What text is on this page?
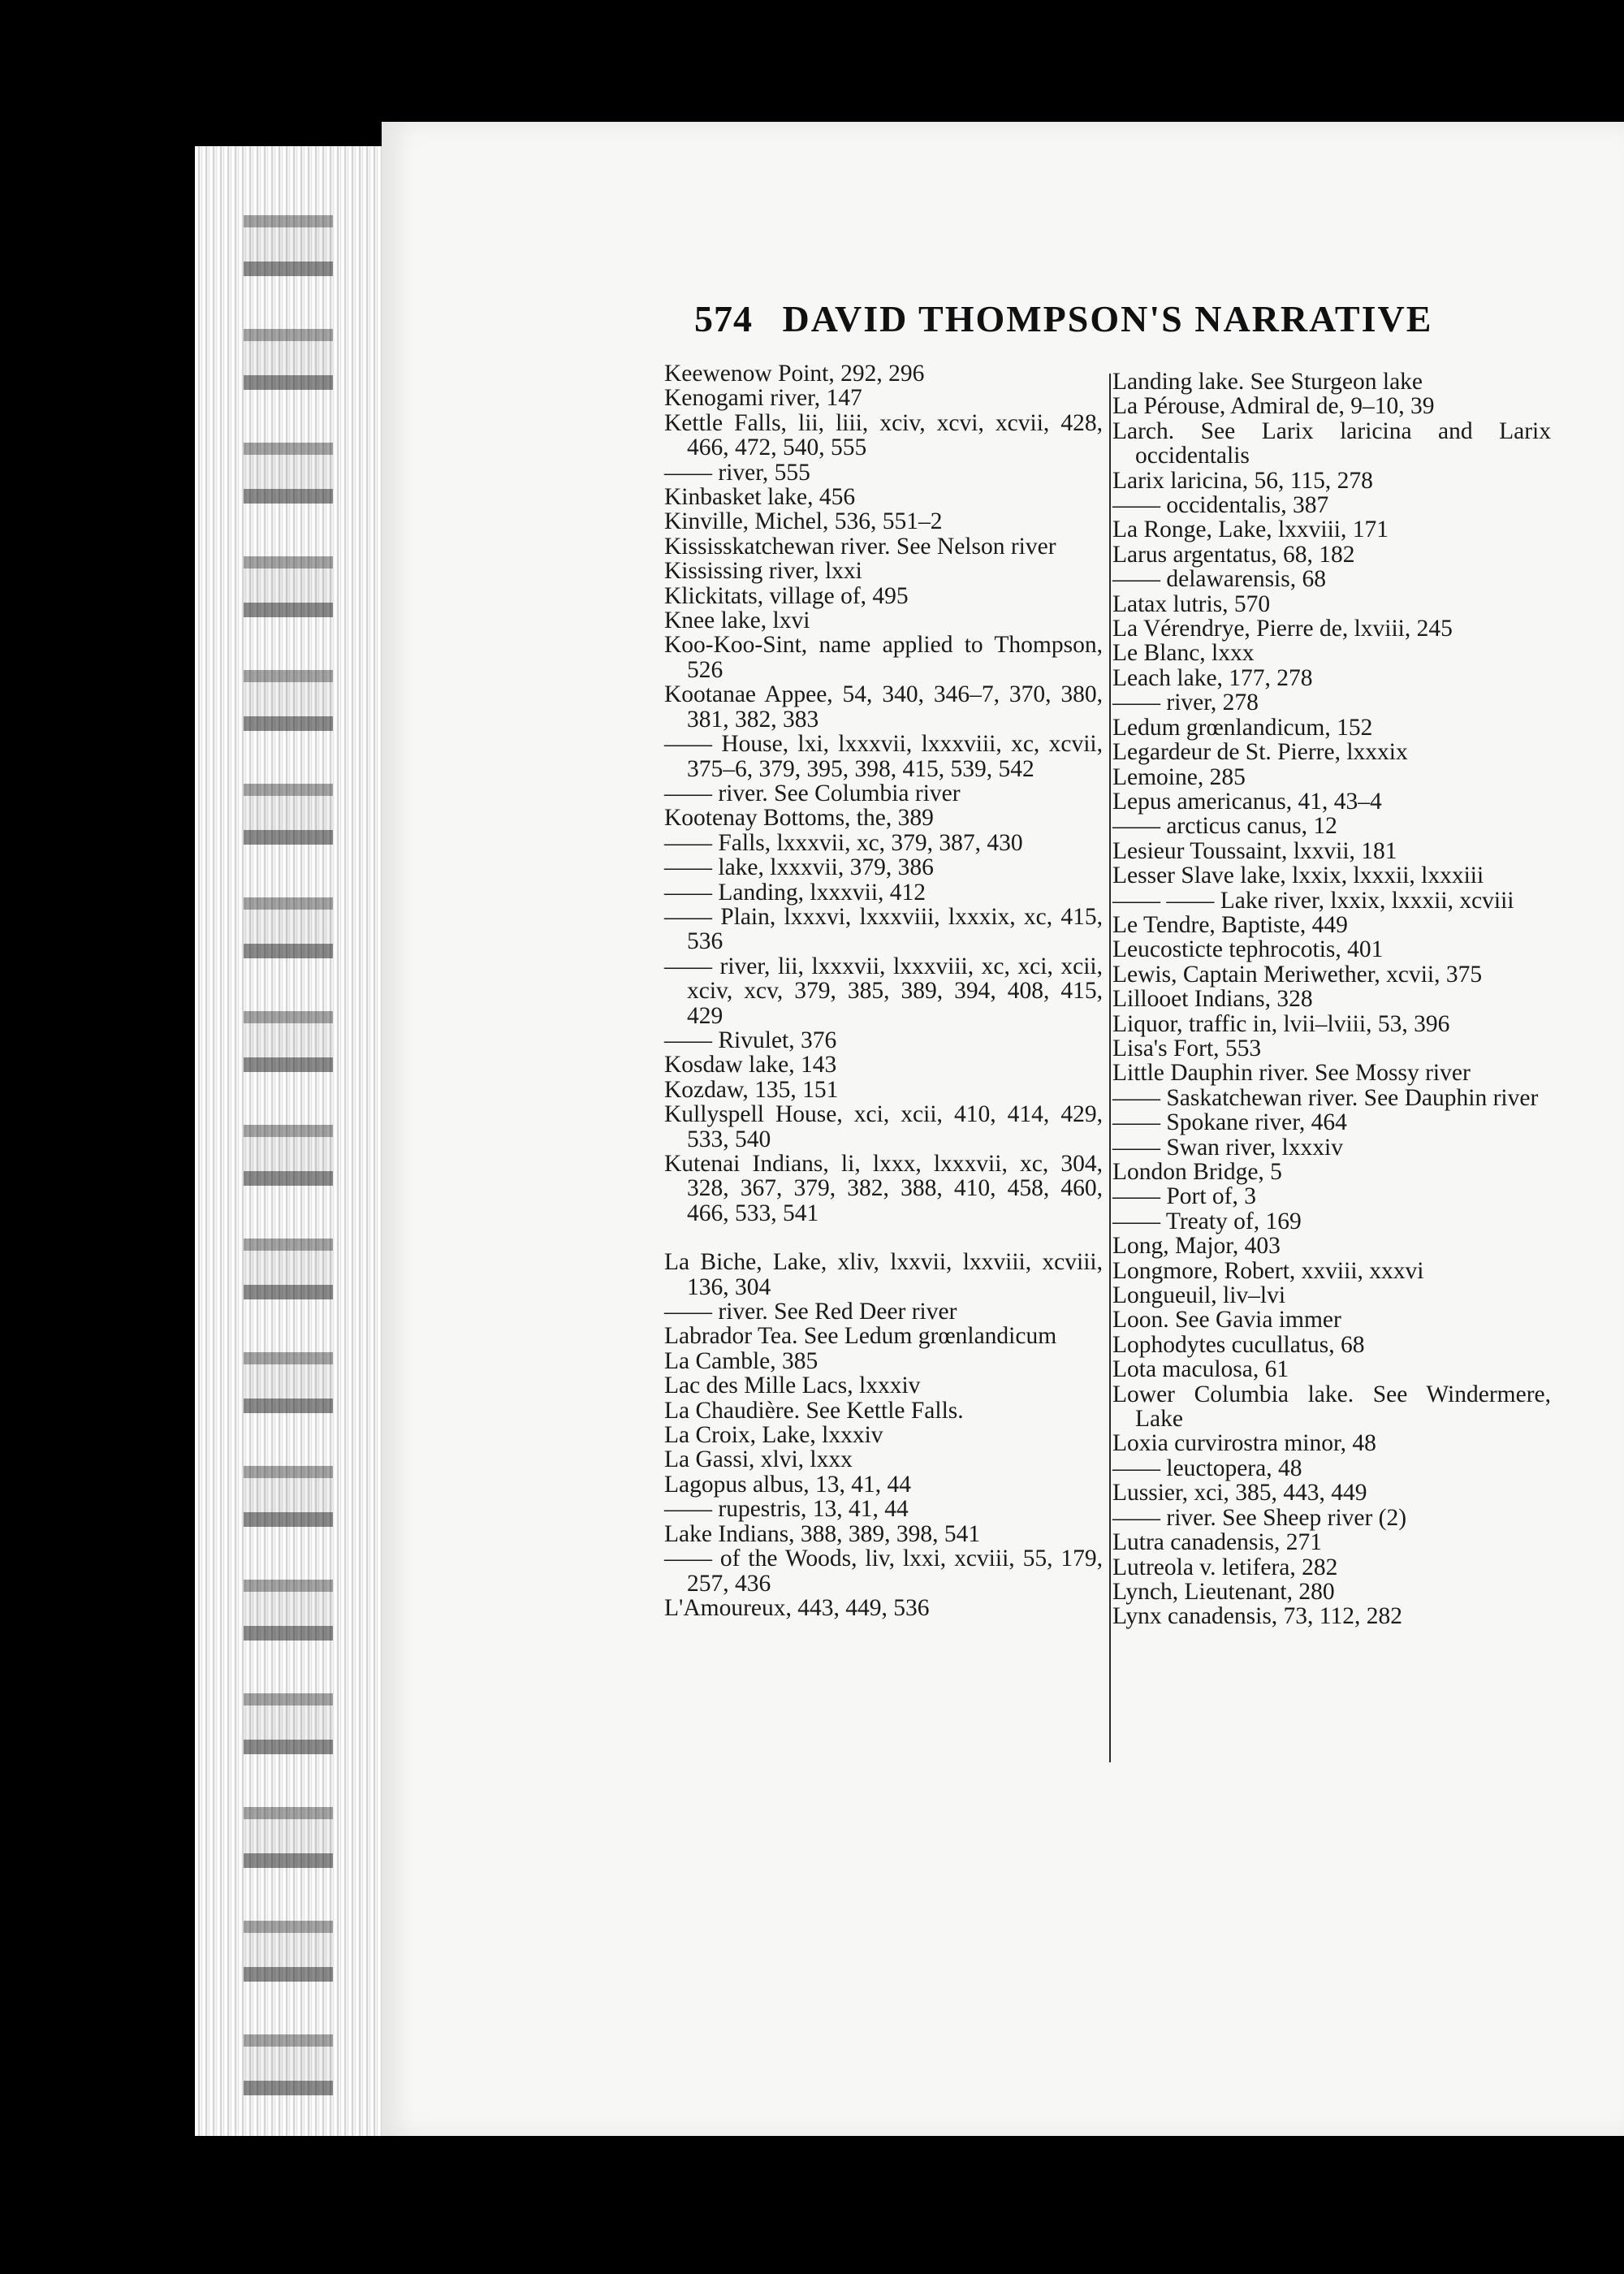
574 DAVID THOMPSON'S NARRATIVE

Keewenow Point, 292, 296

Kenogami river, 147

Kettle Falls, lii, liii, xciv, xcvi, xcvii, 428, 466, 472, 540, 555

—— river, 555

Kinbasket lake, 456

Kinville, Michel, 536, 551–2

Kississkatchewan river. See Nelson river

Kississing river, lxxi

Klickitats, village of, 495

Knee lake, lxvi

Koo-Koo-Sint, name applied to Thompson, 526

Kootanae Appee, 54, 340, 346–7, 370, 380, 381, 382, 383

—— House, lxi, lxxxvii, lxxxviii, xc, xcvii, 375–6, 379, 395, 398, 415, 539, 542

—— river. See Columbia river

Kootenay Bottoms, the, 389

—— Falls, lxxxvii, xc, 379, 387, 430

—— lake, lxxxvii, 379, 386

—— Landing, lxxxvii, 412

—— Plain, lxxxvi, lxxxviii, lxxxix, xc, 415, 536

—— river, lii, lxxxvii, lxxxviii, xc, xci, xcii, xciv, xcv, 379, 385, 389, 394, 408, 415, 429

—— Rivulet, 376

Kosdaw lake, 143

Kozdaw, 135, 151

Kullyspell House, xci, xcii, 410, 414, 429, 533, 540

Kutenai Indians, li, lxxx, lxxxvii, xc, 304, 328, 367, 379, 382, 388, 410, 458, 460, 466, 533, 541

La Biche, Lake, xliv, lxxvii, lxxviii, xcviii, 136, 304

—— river. See Red Deer river

Labrador Tea. See Ledum grœnlandicum

La Camble, 385

Lac des Mille Lacs, lxxxiv

La Chaudière. See Kettle Falls.

La Croix, Lake, lxxxiv

La Gassi, xlvi, lxxx

Lagopus albus, 13, 41, 44

—— rupestris, 13, 41, 44

Lake Indians, 388, 389, 398, 541

—— of the Woods, liv, lxxi, xcviii, 55, 179, 257, 436

L'Amoureux, 443, 449, 536

Landing lake. See Sturgeon lake

La Pérouse, Admiral de, 9–10, 39

Larch. See Larix laricina and Larix occidentalis

Larix laricina, 56, 115, 278

—— occidentalis, 387

La Ronge, Lake, lxxviii, 171

Larus argentatus, 68, 182

—— delawarensis, 68

Latax lutris, 570

La Vérendrye, Pierre de, lxviii, 245

Le Blanc, lxxx

Leach lake, 177, 278

—— river, 278

Ledum grœnlandicum, 152

Legardeur de St. Pierre, lxxxix

Lemoine, 285

Lepus americanus, 41, 43–4

—— arcticus canus, 12

Lesieur Toussaint, lxxvii, 181

Lesser Slave lake, lxxix, lxxxii, lxxxiii

—— —— Lake river, lxxix, lxxxii, xcviii

Le Tendre, Baptiste, 449

Leucosticte tephrocotis, 401

Lewis, Captain Meriwether, xcvii, 375

Lillooet Indians, 328

Liquor, traffic in, lvii–lviii, 53, 396

Lisa's Fort, 553

Little Dauphin river. See Mossy river

—— Saskatchewan river. See Dauphin river

—— Spokane river, 464

—— Swan river, lxxxiv

London Bridge, 5

—— Port of, 3

—— Treaty of, 169

Long, Major, 403

Longmore, Robert, xxviii, xxxvi

Longueuil, liv–lvi

Loon. See Gavia immer

Lophodytes cucullatus, 68

Lota maculosa, 61

Lower Columbia lake. See Windermere, Lake

Loxia curvirostra minor, 48

—— leuctopera, 48

Lussier, xci, 385, 443, 449

—— river. See Sheep river (2)

Lutra canadensis, 271

Lutreola v. letifera, 282

Lynch, Lieutenant, 280

Lynx canadensis, 73, 112, 282
